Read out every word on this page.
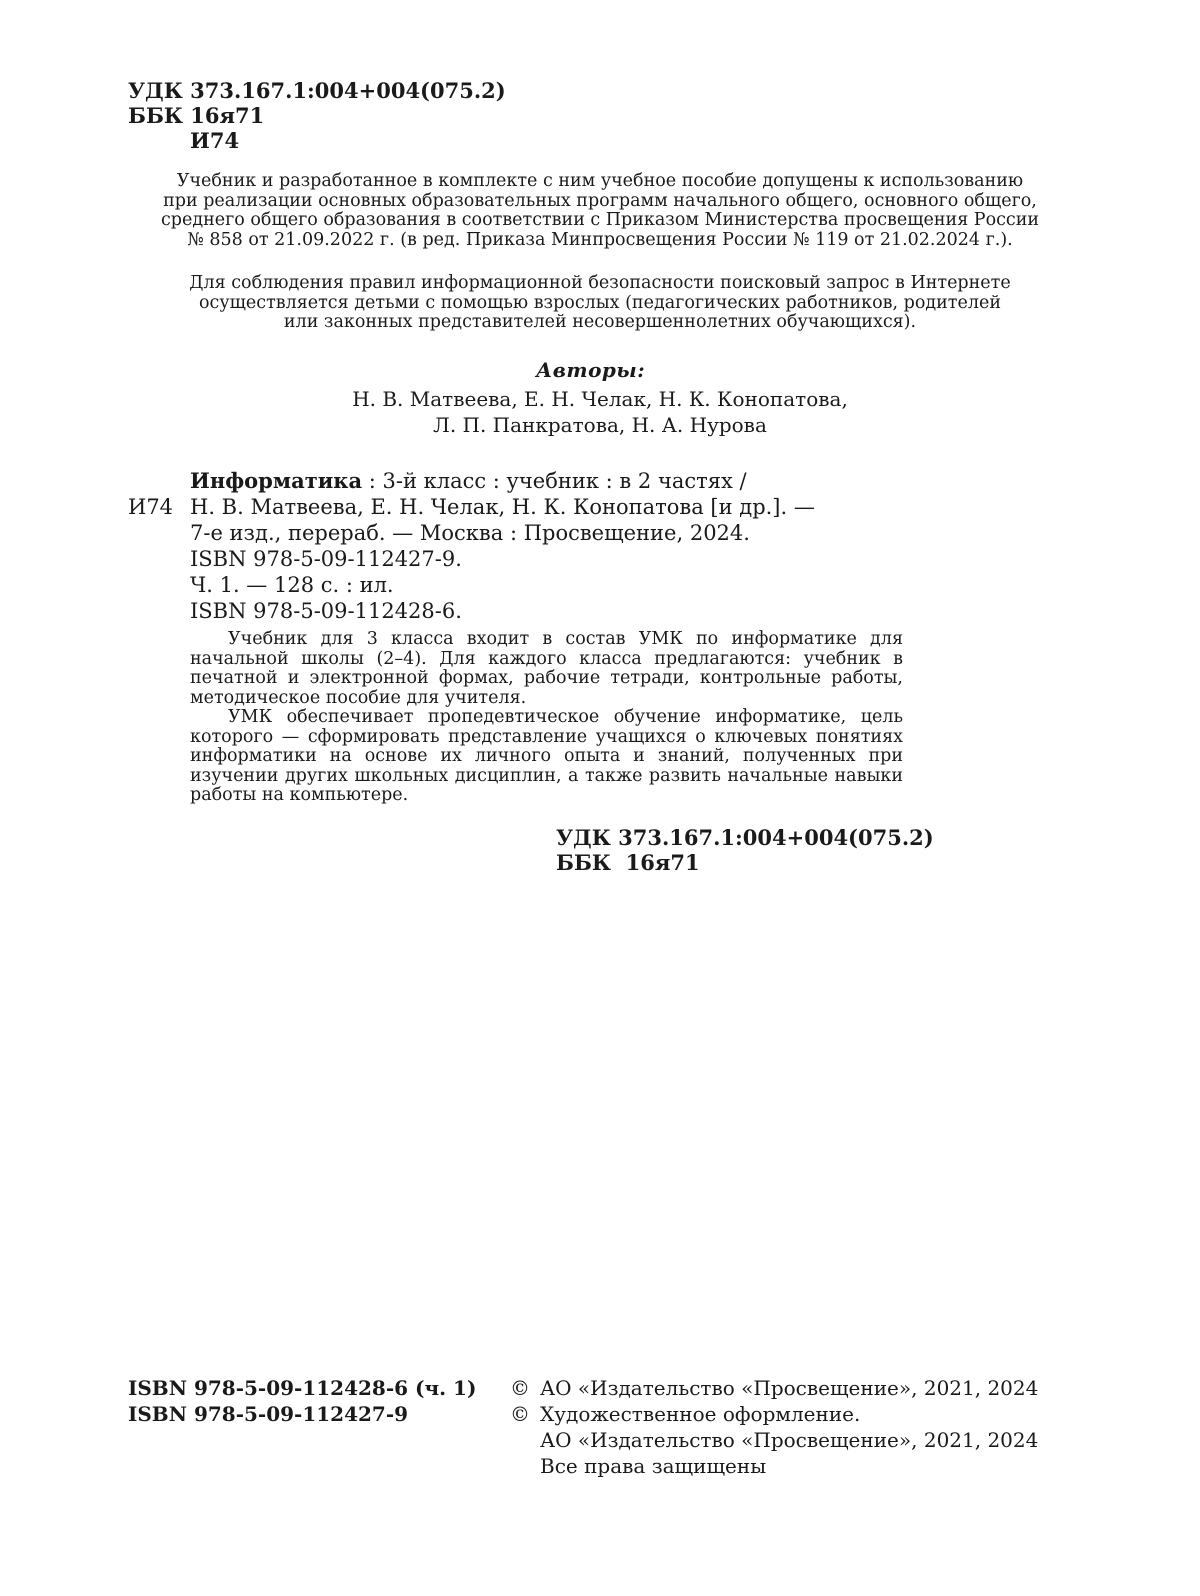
УДК 373.167.1:004+004(075.2)
ББК 16я71
И74
Учебник и разработанное в комплекте с ним учебное пособие допущены к использованию
при реализации основных образовательных программ начального общего, основного общего,
среднего общего образования в соответствии с Приказом Министерства просвещения России
№ 858 от 21.09.2022 г. (в ред. Приказа Минпросвещения России № 119 от 21.02.2024 г.).
Для соблюдения правил информационной безопасности поисковый запрос в Интернете
осуществляется детьми с помощью взрослых (педагогических работников, родителей
или законных представителей несовершеннолетних обучающихся).
Авторы:
Н. В. Матвеева, Е. Н. Челак, Н. К. Конопатова,
Л. П. Панкратова, Н. А. Нурова
Информатика : 3-й класс : учебник : в 2 частях /
И74 Н. В. Матвеева, Е. Н. Челак, Н. К. Конопатова [и др.]. —
7-е изд., перераб. — Москва : Просвещение, 2024.
ISBN 978-5-09-112427-9.
Ч. 1. — 128 с. : ил.
ISBN 978-5-09-112428-6.

Учебник для 3 класса входит в состав УМК по информатике для начальной школы (2–4). Для каждого класса предлагаются: учебник в печатной и электронной формах, рабочие тетради, контрольные работы, методическое пособие для учителя.

УМК обеспечивает пропедевтическое обучение информатике, цель которого — сформировать представление учащихся о ключевых понятиях информатики на основе их личного опыта и знаний, полученных при изучении других школьных дисциплин, а также развить начальные навыки работы на компьютере.

УДК 373.167.1:004+004(075.2)
ББК  16я71
ISBN 978-5-09-112428-6 (ч. 1)
ISBN 978-5-09-112427-9
© АО «Издательство «Просвещение», 2021, 2024
© Художественное оформление.
АО «Издательство «Просвещение», 2021, 2024
Все права защищены
